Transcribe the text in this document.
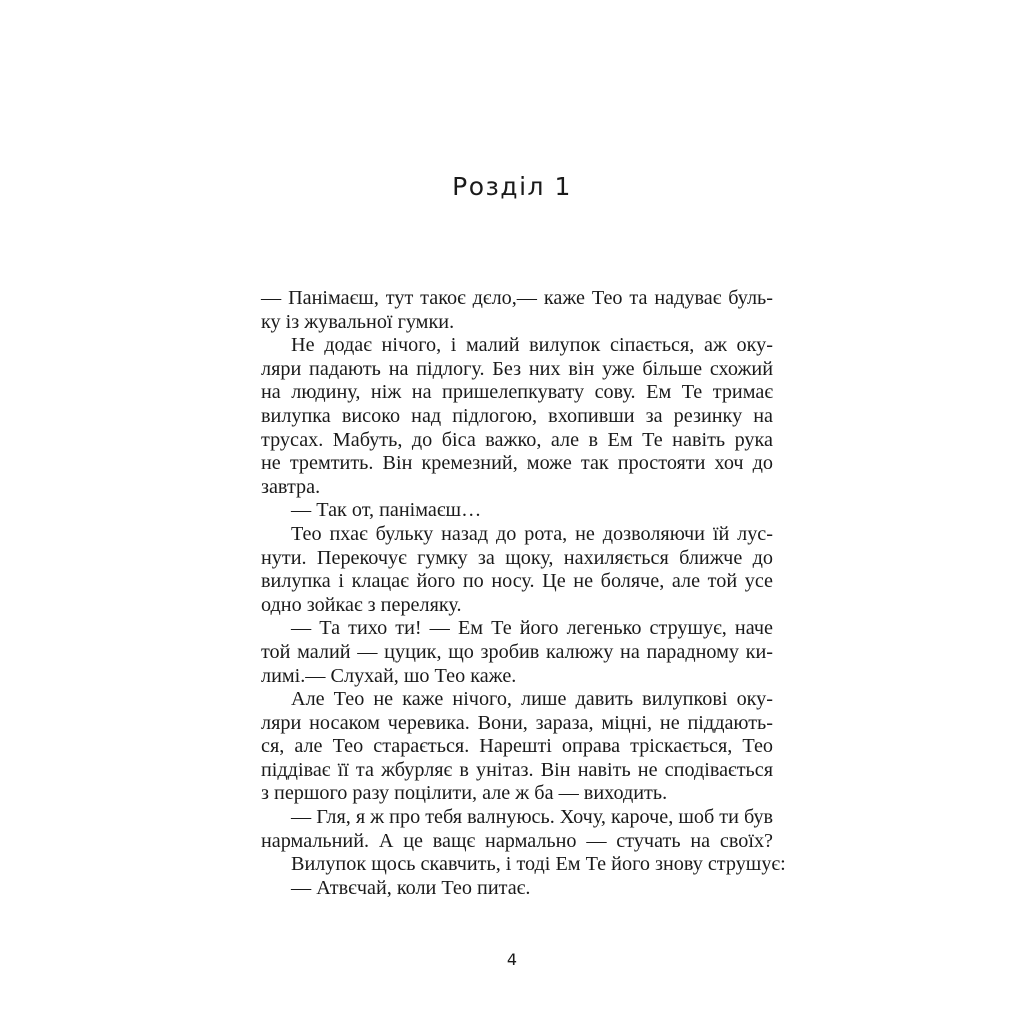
Розділ 1
— Панімаєш, тут такоє дєло,— каже Тео та надуває буль-
ку із жувальної гумки.
Не додає нічого, і малий вилупок сіпається, аж оку-
ляри падають на підлогу. Без них він уже більше схожий
на людину, ніж на пришелепкувату сову. Ем Те тримає
вилупка високо над підлогою, вхопивши за резинку на
трусах. Мабуть, до біса важко, але в Ем Те навіть рука
не тремтить. Він кремезний, може так простояти хоч до
завтра.
— Так от, панімаєш…
Тео пхає бульку назад до рота, не дозволяючи їй лус-
нути. Перекочує гумку за щоку, нахиляється ближче до
вилупка і клацає його по носу. Це не боляче, але той усе
одно зойкає з переляку.
— Та тихо ти! — Ем Те його легенько струшує, наче
той малий — цуцик, що зробив калюжу на парадному ки-
лимі.— Слухай, шо Тео каже.
Але Тео не каже нічого, лише давить вилупкові оку-
ляри носаком черевика. Вони, зараза, міцні, не піддають-
ся, але Тео старається. Нарешті оправа тріскається, Тео
піддіває її та жбурляє в унітаз. Він навіть не сподівається
з першого разу поцілити, але ж ба — виходить.
— Гля, я ж про тебя валнуюсь. Хочу, кароче, шоб ти був
нармальний. А це ващє нармально — стучать на своїх?
Вилупок щось скавчить, і тоді Ем Те його знову струшує:
— Атвєчай, коли Тео питає.
4
